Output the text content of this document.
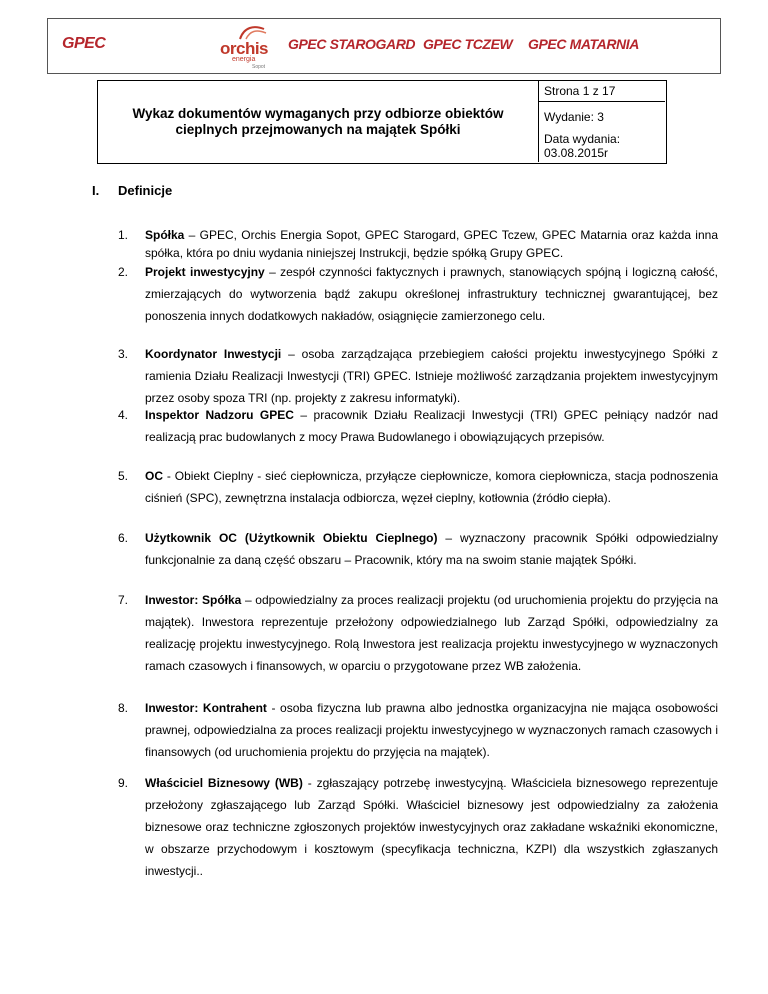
GPEC	orchis
energia
Sopot
GPEC STAROGARD GPEC TCZEW GPEC MATARNIA
Wykaz dokumentów wymaganych przy odbiorze obiektów
cieplnych przejmowanych na majątek Spółki
Strona 1 z 17
Wydanie: 3
Data wydania:
03.08.2015r
I. Definicje
1. Spółka – GPEC, Orchis Energia Sopot, GPEC Starogard, GPEC Tczew, GPEC Matarnia oraz każda inna spółka, która po dniu wydania niniejszej Instrukcji, będzie spółką Grupy GPEC.
2. Projekt inwestycyjny – zespół czynności faktycznych i prawnych, stanowiących spójną i logiczną całość, zmierzających do wytworzenia bądź zakupu określonej infrastruktury technicznej gwarantującej, bez ponoszenia innych dodatkowych nakładów, osiągnięcie zamierzonego celu.
3. Koordynator Inwestycji – osoba zarządzająca przebiegiem całości projektu inwestycyjnego Spółki z ramienia Działu Realizacji Inwestycji (TRI) GPEC. Istnieje możliwość zarządzania projektem inwestycyjnym przez osoby spoza TRI (np. projekty z zakresu informatyki).
4. Inspektor Nadzoru GPEC – pracownik Działu Realizacji Inwestycji (TRI) GPEC pełniący nadzór nad realizacją prac budowlanych z mocy Prawa Budowlanego i obowiązujących przepisów.
5. OC - Obiekt Cieplny - sieć ciepłownicza, przyłącze ciepłownicze, komora ciepłownicza, stacja podnoszenia ciśnień (SPC), zewnętrzna instalacja odbiorcza, węzeł cieplny, kotłownia (źródło ciepła).
6. Użytkownik OC (Użytkownik Obiektu Cieplnego) – wyznaczony pracownik Spółki odpowiedzialny funkcjonalnie za daną część obszaru – Pracownik, który ma na swoim stanie majątek Spółki.
7. Inwestor: Spółka – odpowiedzialny za proces realizacji projektu (od uruchomienia projektu do przyjęcia na majątek). Inwestora reprezentuje przełożony odpowiedzialnego lub Zarząd Spółki, odpowiedzialny za realizację projektu inwestycyjnego. Rolą Inwestora jest realizacja projektu inwestycyjnego w wyznaczonych ramach czasowych i finansowych, w oparciu o przygotowane przez WB założenia.
8. Inwestor: Kontrahent - osoba fizyczna lub prawna albo jednostka organizacyjna nie mająca osobowości prawnej, odpowiedzialna za proces realizacji projektu inwestycyjnego w wyznaczonych ramach czasowych i finansowych (od uruchomienia projektu do przyjęcia na majątek).
9. Właściciel Biznesowy (WB) - zgłaszający potrzebę inwestycyjną. Właściciela biznesowego reprezentuje przełożony zgłaszającego lub Zarząd Spółki. Właściciel biznesowy jest odpowiedzialny za założenia biznesowe oraz techniczne zgłoszonych projektów inwestycyjnych oraz zakładane wskaźniki ekonomiczne, w obszarze przychodowym i kosztowym (specyfikacja techniczna, KZPI) dla wszystkich zgłaszanych inwestycji..
